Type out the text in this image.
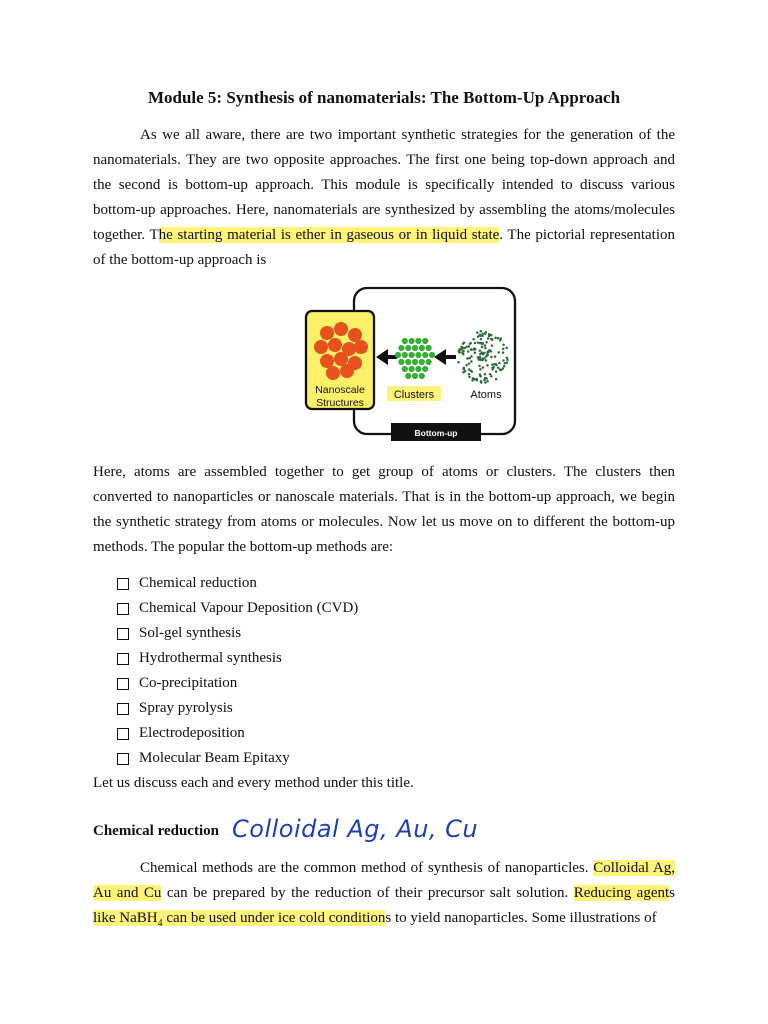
Module 5: Synthesis of nanomaterials: The Bottom-Up Approach

As we all aware, there are two important synthetic strategies for the generation of the nanomaterials. They are two opposite approaches. The first one being top-down approach and the second is bottom-up approach. This module is specifically intended to discuss various bottom-up approaches. Here, nanomaterials are synthesized by assembling the atoms/molecules together. The starting material is ether in gaseous or in liquid state. The pictorial representation of the bottom-up approach is

Nanoscale
Structures
Clusters	Atoms
Bottom-up

Here, atoms are assembled together to get group of atoms or clusters. The clusters then converted to nanoparticles or nanoscale materials. That is in the bottom-up approach, we begin the synthetic strategy from atoms or molecules. Now let us move on to different the bottom-up methods. The popular the bottom-up methods are:

Chemical reduction
Chemical Vapour Deposition (CVD)
Sol-gel synthesis
Hydrothermal synthesis
Co-precipitation
Spray pyrolysis
Electrodeposition
Molecular Beam Epitaxy

Let us discuss each and every method under this title.

Chemical reduction Colloidal Ag, Au, Cu

Chemical methods are the common method of synthesis of nanoparticles. Colloidal Ag, Au and Cu can be prepared by the reduction of their precursor salt solution. Reducing agents like NaBH$_4$ can be used under ice cold conditions to yield nanoparticles. Some illustrations of
